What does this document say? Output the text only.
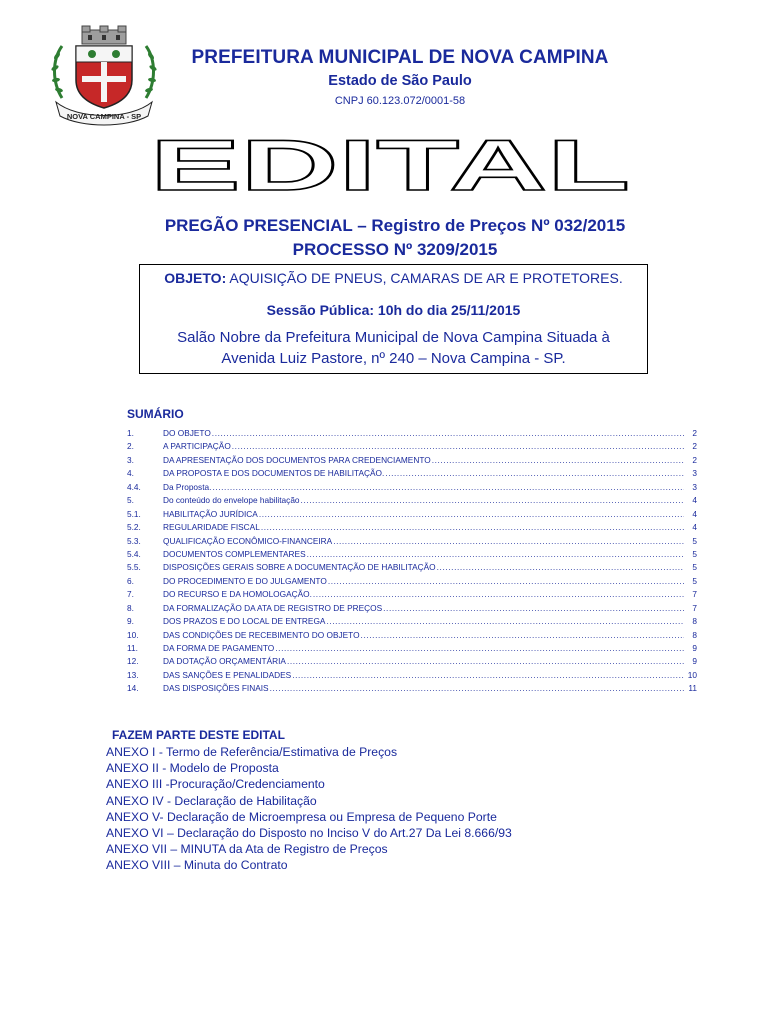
NOVA CAMPINA - SP
PREFEITURA MUNICIPAL DE NOVA CAMPINA
Estado de São Paulo
CNPJ 60.123.072/0001-58
EDITAL
PREGÃO PRESENCIAL – Registro de Preços Nº 032/2015
PROCESSO Nº 3209/2015
OBJETO: AQUISIÇÃO DE PNEUS, CAMARAS DE AR E PROTETORES.
Sessão Pública: 10h do dia 25/11/2015
Salão Nobre da Prefeitura Municipal de Nova Campina Situada à
Avenida Luiz Pastore, nº 240 – Nova Campina - SP.
SUMÁRIO
1.	DO OBJETO .....	2
2.	A PARTICIPAÇÃO .....	2
3.	DA APRESENTAÇÃO DOS DOCUMENTOS PARA CREDENCIAMENTO .....	2
4.	DA PROPOSTA E DOS DOCUMENTOS DE HABILITAÇÃO. .....	3
4.4.	Da Proposta. .....	3
5.	Do conteúdo do envelope habilitação .....	4
5.1.	HABILITAÇÃO JURÍDICA .....	4
5.2.	REGULARIDADE FISCAL .....	4
5.3.	QUALIFICAÇÃO ECONÔMICO-FINANCEIRA .....	5
5.4.	DOCUMENTOS COMPLEMENTARES .....	5
5.5.	DISPOSIÇÕES GERAIS SOBRE A DOCUMENTAÇÃO DE HABILITAÇÃO .....	5
6.	DO PROCEDIMENTO E DO JULGAMENTO .....	5
7.	DO RECURSO E DA HOMOLOGAÇÃO. .....	7
8.	DA FORMALIZAÇÃO DA ATA DE REGISTRO DE PREÇOS .....	7
9.	DOS PRAZOS E DO LOCAL DE ENTREGA .....	8
10.	DAS CONDIÇÕES DE RECEBIMENTO DO OBJETO .....	8
11.	DA FORMA DE PAGAMENTO .....	9
12.	DA DOTAÇÃO ORÇAMENTÁRIA .....	9
13.	DAS SANÇÕES E PENALIDADES .....	10
14.	DAS DISPOSIÇÕES FINAIS .....	11
FAZEM PARTE DESTE EDITAL
ANEXO I - Termo de Referência/Estimativa de Preços
ANEXO II - Modelo de Proposta
ANEXO III -Procuração/Credenciamento
ANEXO IV - Declaração de Habilitação
ANEXO V- Declaração de Microempresa ou Empresa de Pequeno Porte
ANEXO VI – Declaração do Disposto no Inciso V do Art.27 Da Lei 8.666/93
ANEXO VII – MINUTA da Ata de Registro de Preços
ANEXO VIII – Minuta do Contrato
